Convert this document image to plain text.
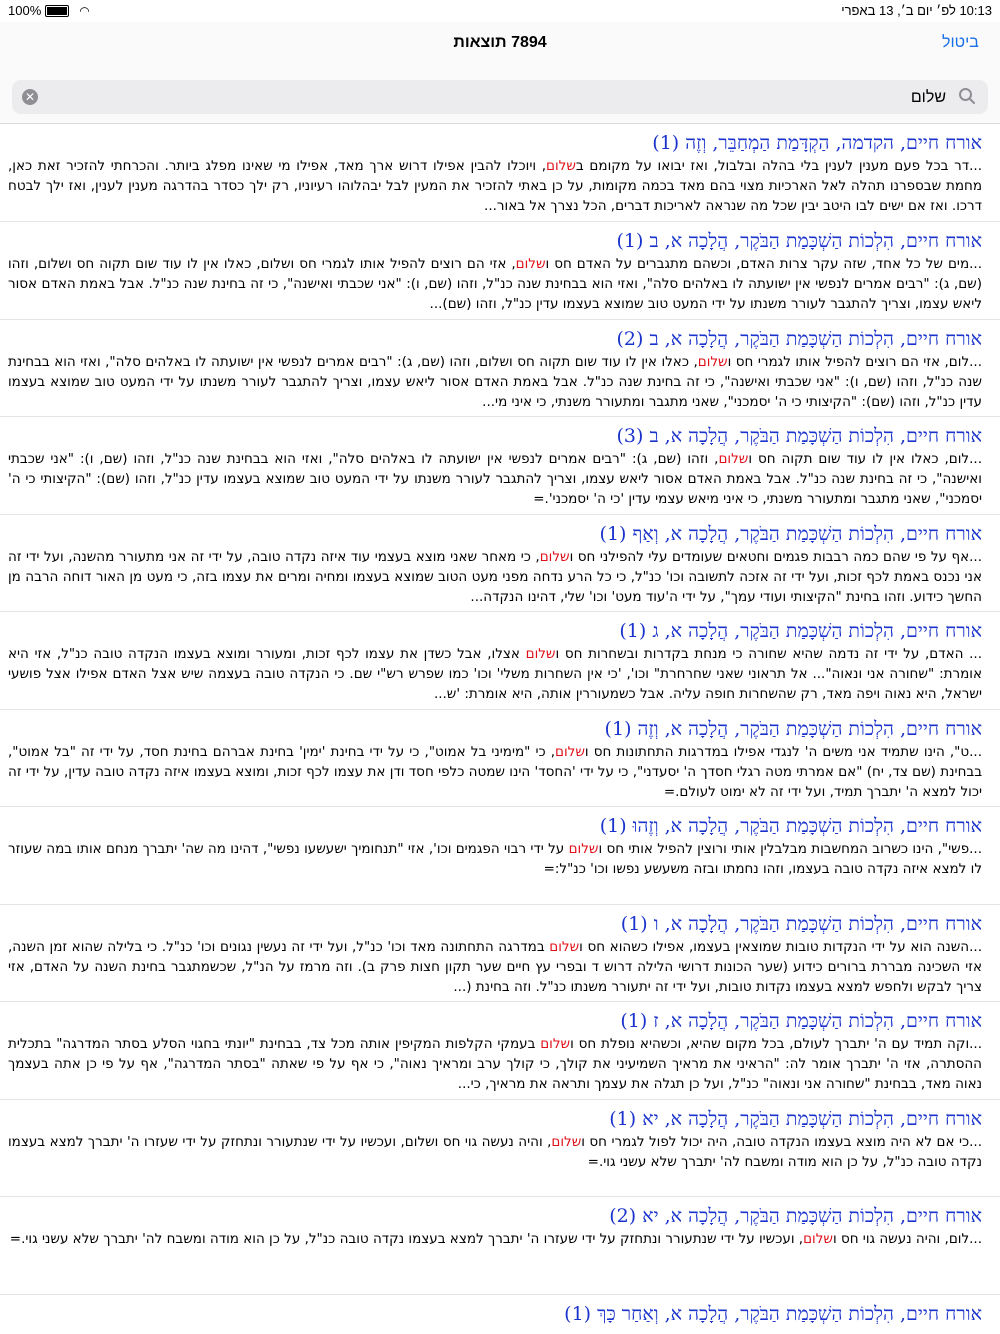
100%	◠	10:13 לפ׳ יום ב׳, 13 באפרי
7894 תוצאות	ביטול
שלום
✕
אורח חיים, הקדמה, הַקְדָּמַת הַמְחַבֵּר, וְזֶה (1)
...דר בכל פעם מענין לענין בלי בהלה ובלבול, ואז יבואו על מקומם בשלום, ויוכלו להבין אפילו דרוש ארך מאד, אפילו מי שאינו מפלג ביותר. והכרחתי להזכיר זאת כאן, מחמת שבספרנו תהלה לאל הארכיות מצוי בהם מאד בכמה מקומות, על כן באתי להזכיר את המעין לבל יבהלוהו רעיוניו, רק ילך כסדר בהדרגה מענין לענין, ואז ילך לבטח דרכו. ואז אם ישים לבו היטב יבין שכל מה שנראה לאריכות דברים, הכל נצרך אל באור...
אורח חיים, הִלְכוֹת הַשְׁכָּמַת הַבֹּקֶר, הֲלָכָה א, ב (1)
...מים של כל אחד, שזה עקר צרות האדם, וכשהם מתגברים על האדם חס ושלום, אזי הם רוצים להפיל אותו לגמרי חס ושלום, כאלו אין לו עוד שום תקוה חס ושלום, וזהו (שם, ג): "רבים אמרים לנפשי אין ישועתה לו באלהים סלה", ואזי הוא בבחינת שנה כנ"ל, וזהו (שם, ו): "אני שכבתי ואישנה", כי זה בחינת שנה כנ"ל. אבל באמת האדם אסור ליאש עצמו, וצריך להתגבר לעורר משנתו על ידי המעט טוב שמוצא בעצמו עדין כנ"ל, וזהו (שם)...
אורח חיים, הִלְכוֹת הַשְׁכָּמַת הַבֹּקֶר, הֲלָכָה א, ב (2)
...לום, אזי הם רוצים להפיל אותו לגמרי חס ושלום, כאלו אין לו עוד שום תקוה חס ושלום, וזהו (שם, ג): "רבים אמרים לנפשי אין ישועתה לו באלהים סלה", ואזי הוא בבחינת שנה כנ"ל, וזהו (שם, ו): "אני שכבתי ואישנה", כי זה בחינת שנה כנ"ל. אבל באמת האדם אסור ליאש עצמו, וצריך להתגבר לעורר משנתו על ידי המעט טוב שמוצא בעצמו עדין כנ"ל, וזהו (שם): "הקיצותי כי ה' יסמכני", שאני מתגבר ומתעורר משנתי, כי איני מי...
אורח חיים, הִלְכוֹת הַשְׁכָּמַת הַבֹּקֶר, הֲלָכָה א, ב (3)
...לום, כאלו אין לו עוד שום תקוה חס ושלום, וזהו (שם, ג): "רבים אמרים לנפשי אין ישועתה לו באלהים סלה", ואזי הוא בבחינת שנה כנ"ל, וזהו (שם, ו): "אני שכבתי ואישנה", כי זה בחינת שנה כנ"ל. אבל באמת האדם אסור ליאש עצמו, וצריך להתגבר לעורר משנתו על ידי המעט טוב שמוצא בעצמו עדין כנ"ל, וזהו (שם): "הקיצותי כי ה' יסמכני", שאני מתגבר ומתעורר משנתי, כי איני מיאש עצמי עדין 'כי ה' יסמכני'.=
אורח חיים, הִלְכוֹת הַשְׁכָּמַת הַבֹּקֶר, הֲלָכָה א, וְאַף (1)
...אף על פי שהם כמה רבבות פגמים וחטאים שעומדים עלי להפילני חס ושלום, כי מאחר שאני מוצא בעצמי עוד איזה נקדה טובה, על ידי זה אני מתעורר מהשנה, ועל ידי זה אני נכנס באמת לכף זכות, ועל ידי זה אזכה לתשובה וכו' כנ"ל, כי כל הרע נדחה מפני מעט הטוב שמוצא בעצמו ומחיה ומרים את עצמו בזה, כי מעט מן האור דוחה הרבה מן החשך כידוע. וזהו בחינת "הקיצותי ועודי עמך", על ידי ה'עוד מעט' וכו' שלי, דהינו הנקדה...
אורח חיים, הִלְכוֹת הַשְׁכָּמַת הַבֹּקֶר, הֲלָכָה א, ג (1)
... האדם, על ידי זה נדמה שהיא שחורה כי מנחת בקדרות ובשחרות חס ושלום אצלו, אבל כשדן את עצמו לכף זכות, ומעורר ומוצא בעצמו הנקדה טובה כנ"ל, אזי היא אומרת: "שחורה אני ונאוה"... אל תראוני שאני שחרחרת" וכו', 'כי אין השחרות משלי' וכו' כמו שפרש רש"י שם. כי הנקדה טובה בעצמה שיש אצל האדם אפילו אצל פושעי ישראל, היא נאוה ויפה מאד, רק שהשחרות חופה עליה. אבל כשמעוררין אותה, היא אומרת: 'ש...
אורח חיים, הִלְכוֹת הַשְׁכָּמַת הַבֹּקֶר, הֲלָכָה א, וְזֶה (1)
...ט", הינו שתמיד אני משים ה' לנגדי אפילו במדרגות התחתונות חס ושלום, כי "מימיני בל אמוט", כי על ידי בחינת 'ימין' בחינת אברהם בחינת חסד, על ידי זה "בל אמוט", בבחינת (שם צד, יח) "אם אמרתי מטה רגלי חסדך ה' יסעדני", כי על ידי 'החסד' הינו שמטה כלפי חסד ודן את עצמו לכף זכות, ומוצא בעצמו איזה נקדה טובה עדין, על ידי זה יכול למצא ה' יתברך תמיד, ועל ידי זה לא ימוט לעולם.=
אורח חיים, הִלְכוֹת הַשְׁכָּמַת הַבֹּקֶר, הֲלָכָה א, וְזֶהוּ (1)
...פשי", הינו כשרוב המחשבות מבלבלין אותי ורוצין להפיל אותי חס ושלום על ידי רבוי הפגמים וכו', אזי "תנחומיך ישעשעו נפשי", דהינו מה שה' יתברך מנחם אותו במה שעוזר לו למצא איזה נקדה טובה בעצמו, וזהו נחמתו ובזה משעשע נפשו וכו' כנ"ל:=
אורח חיים, הִלְכוֹת הַשְׁכָּמַת הַבֹּקֶר, הֲלָכָה א, ו (1)
...השנה הוא על ידי הנקדות טובות שמוצאין בעצמו, אפילו כשהוא חס ושלום במדרגה התחתונה מאד וכו' כנ"ל, ועל ידי זה נעשין נגונים וכו' כנ"ל. כי בלילה שהוא זמן השנה, אזי השכינה מבררת ברורים כידוע (שער הכונות דרושי הלילה דרוש ד ובפרי עץ חיים שער תקון חצות פרק ב). וזה מרמז על הנ"ל, שכשמתגבר בחינת השנה על האדם, אזי צריך לבקש ולחפש למצא בעצמו נקדות טובות, ועל ידי זה יתעורר משנתו כנ"ל. וזה בחינת (...
אורח חיים, הִלְכוֹת הַשְׁכָּמַת הַבֹּקֶר, הֲלָכָה א, ז (1)
...וקה תמיד עם ה' יתברך לעולם, בכל מקום שהיא, וכשהיא נופלת חס ושלום בעמקי הקלפות המקיפין אותה מכל צד, בבחינת "יונתי בחגוי הסלע בסתר המדרגה" בתכלית ההסתרה, אזי ה' יתברך אומר לה: "הראיני את מראיך השמיעיני את קולך, כי קולך ערב ומראיך נאוה", כי אף על פי שאתה "בסתר המדרגה", אף על פי כן אתה בעצמך נאוה מאד, בבחינת "שחורה אני ונאוה" כנ"ל, ועל כן תגלה את עצמך ותראה את מראיך, כי...
אורח חיים, הִלְכוֹת הַשְׁכָּמַת הַבֹּקֶר, הֲלָכָה א, יא (1)
...כי אם לא היה מוצא בעצמו הנקדה טובה, היה יכול לפול לגמרי חס ושלום, והיה נעשה גוי חס ושלום, ועכשיו על ידי שנתעורר ונתחזק על ידי שעזרו ה' יתברך למצא בעצמו נקדה טובה כנ"ל, על כן הוא מודה ומשבח לה' יתברך שלא עשני גוי.=
אורח חיים, הִלְכוֹת הַשְׁכָּמַת הַבֹּקֶר, הֲלָכָה א, יא (2)
...לום, והיה נעשה גוי חס ושלום, ועכשיו על ידי שנתעורר ונתחזק על ידי שעזרו ה' יתברך למצא בעצמו נקדה טובה כנ"ל, על כן הוא מודה ומשבח לה' יתברך שלא עשני גוי.=
אורח חיים, הִלְכוֹת הַשְׁכָּמַת הַבֹּקֶר, הֲלָכָה א, וְאַחַר כָּךְ (1)
